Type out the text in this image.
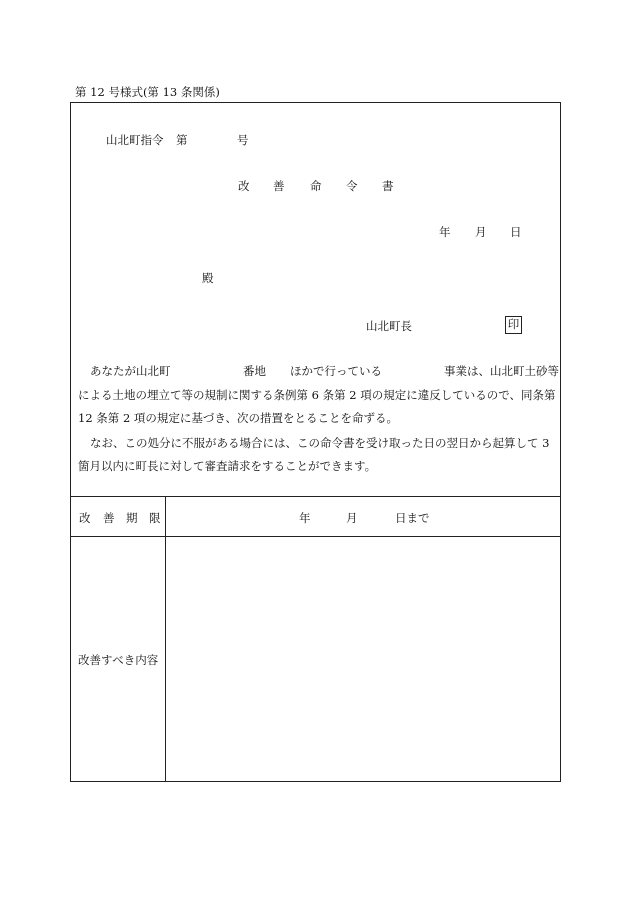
第 12 号様式(第 13 条関係)
山北町指令 第	号
改 善 命 令 書
年 月 日
殿
山北町長	印
あなたが山北町	番地 ほかで行っている	事業は、山北町土砂等
による土地の埋立て等の規制に関する条例第 6 条第 2 項の規定に違反しているので、同条第
12 条第 2 項の規定に基づき、次の措置をとることを命ずる。
なお、この処分に不服がある場合には、この命令書を受け取った日の翌日から起算して 3
箇月以内に町長に対して審査請求をすることができます。
改 善 期 限	年	月	日まで
改善すべき内容
